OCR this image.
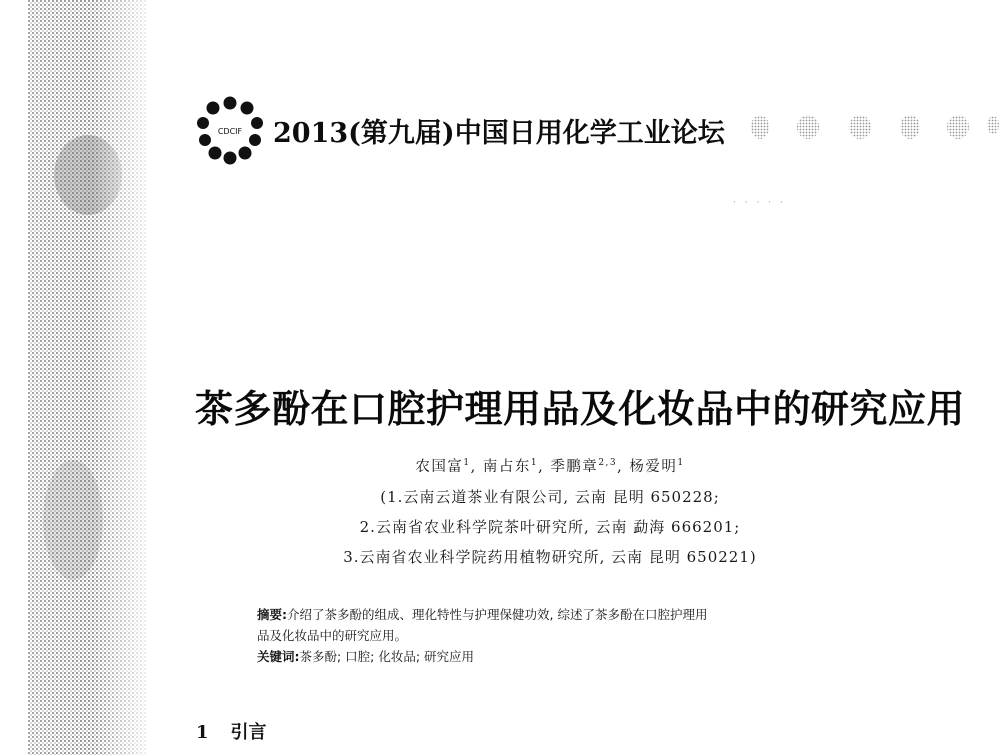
CDCIF 2013(第九届)中国日用化学工业论坛
· · · · ·
茶多酚在口腔护理用品及化妆品中的研究应用
农国富$^1$, 南占东$^1$, 季鹏章$^{2,3}$, 杨爱明$^1$
(1.云南云道茶业有限公司, 云南 昆明 650228;
2.云南省农业科学院茶叶研究所, 云南 勐海 666201;
3.云南省农业科学院药用植物研究所, 云南 昆明 650221)
摘要:介绍了茶多酚的组成、理化特性与护理保健功效, 综述了茶多酚在口腔护理用
品及化妆品中的研究应用。
关键词:茶多酚; 口腔; 化妆品; 研究应用
1 引言
